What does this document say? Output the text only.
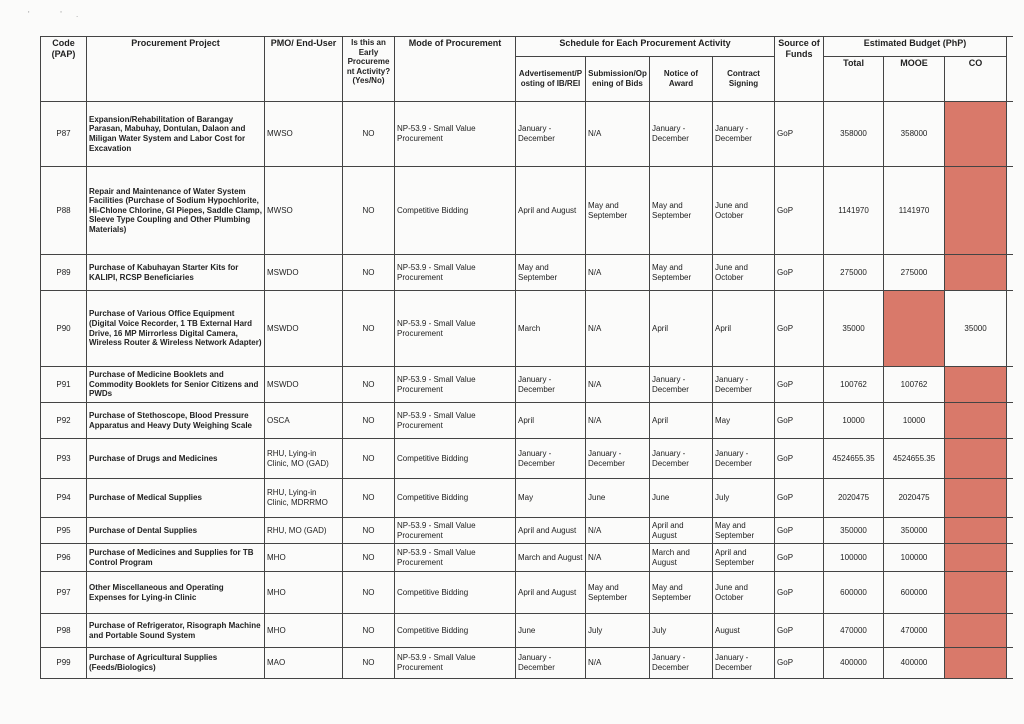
'   ' .
Code (PAP)	Procurement Project	PMO/ End-User	Is this an Early Procureme nt Activity? (Yes/No)	Mode of Procurement	Schedule for Each Procurement Activity				Source of Funds	Estimated Budget (PhP)			
					Advertisement/P osting of IB/REI	Submission/Op ening of Bids	Notice of Award	Contract Signing		Total	MOOE	CO	
P87	Expansion/Rehabilitation of Barangay Parasan, Mabuhay, Dontulan, Dalaon and Miligan Water System and Labor Cost for Excavation	MWSO	NO	NP-53.9 - Small Value Procurement	January - December	N/A	January - December	January - December	GoP	358000	358000		
P88	Repair and Maintenance of Water System Facilities (Purchase of Sodium Hypochlorite, Hi-Chlone Chlorine, GI Piepes, Saddle Clamp, Sleeve Type Coupling and Other Plumbing Materials)	MWSO	NO	Competitive Bidding	April and August	May and September	May and September	June and October	GoP	1141970	1141970		
P89	Purchase of Kabuhayan Starter Kits for KALIPI, RCSP Beneficiaries	MSWDO	NO	NP-53.9 - Small Value Procurement	May and September	N/A	May and September	June and October	GoP	275000	275000		
P90	Purchase of Various Office Equipment (Digital Voice Recorder, 1 TB External Hard Drive, 16 MP Mirrorless Digital Camera, Wireless Router & Wireless Network Adapter)	MSWDO	NO	NP-53.9 - Small Value Procurement	March	N/A	April	April	GoP	35000		35000	
P91	Purchase of Medicine Booklets and Commodity Booklets for Senior Citizens and PWDs	MSWDO	NO	NP-53.9 - Small Value Procurement	January - December	N/A	January - December	January - December	GoP	100762	100762		
P92	Purchase of Stethoscope, Blood Pressure Apparatus and Heavy Duty Weighing Scale	OSCA	NO	NP-53.9 - Small Value Procurement	April	N/A	April	May	GoP	10000	10000		
P93	Purchase of Drugs and Medicines	RHU, Lying-in Clinic, MO (GAD)	NO	Competitive Bidding	January - December	January - December	January - December	January - December	GoP	4524655.35	4524655.35		
P94	Purchase of Medical Supplies	RHU, Lying-in Clinic, MDRRMO	NO	Competitive Bidding	May	June	June	July	GoP	2020475	2020475		
P95	Purchase of Dental Supplies	RHU, MO (GAD)	NO	NP-53.9 - Small Value Procurement	April and August	N/A	April and August	May and September	GoP	350000	350000		
P96	Purchase of Medicines and Supplies for TB Control Program	MHO	NO	NP-53.9 - Small Value Procurement	March and August	N/A	March and August	April and September	GoP	100000	100000		
P97	Other Miscellaneous and Operating Expenses for Lying-in Clinic	MHO	NO	Competitive Bidding	April and August	May and September	May and September	June and October	GoP	600000	600000		
P98	Purchase of Refrigerator, Risograph Machine and Portable Sound System	MHO	NO	Competitive Bidding	June	July	July	August	GoP	470000	470000		
P99	Purchase of Agricultural Supplies (Feeds/Biologics)	MAO	NO	NP-53.9 - Small Value Procurement	January - December	N/A	January - December	January - December	GoP	400000	400000		
